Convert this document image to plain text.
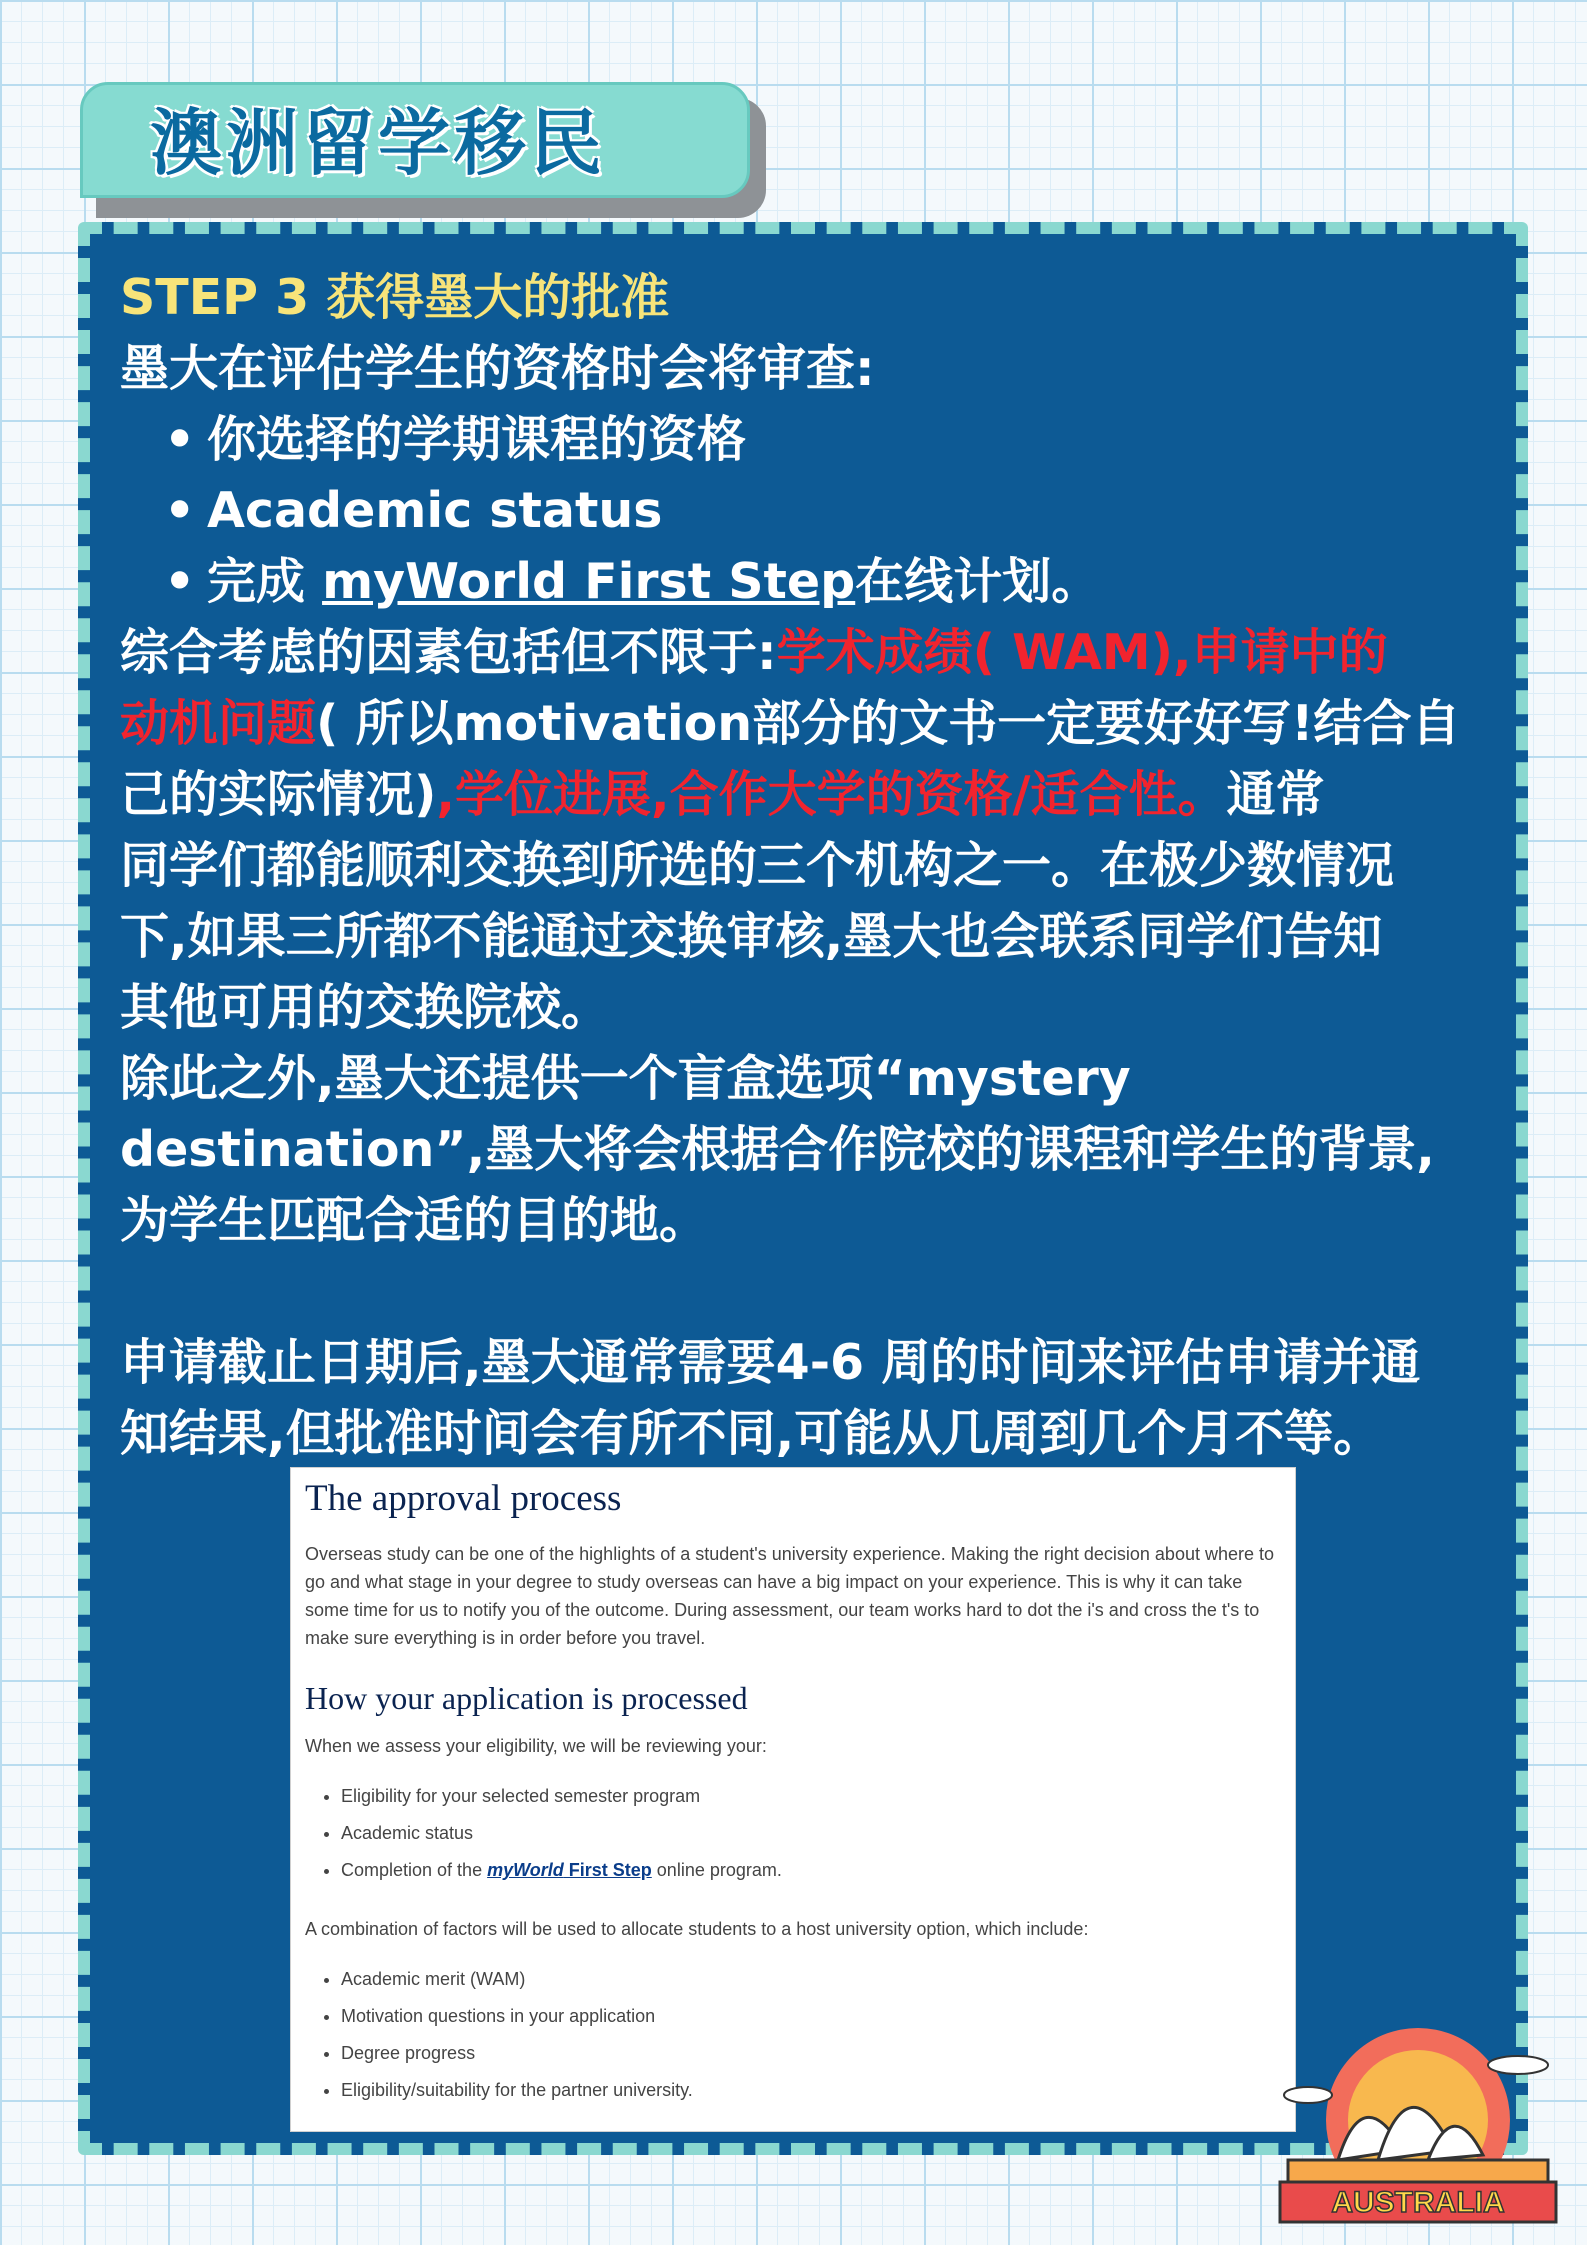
澳洲留学移民
STEP 3 获得墨大的批准
墨大在评估学生的资格时会将审查:
• 你选择的学期课程的资格
• Academic status
• 完成 myWorld First Step在线计划。
综合考虑的因素包括但不限于:学术成绩( WAM),申请中的
动机问题( 所以motivation部分的文书一定要好好写!结合自
己的实际情况),学位进展,合作大学的资格/适合性。通常
同学们都能顺利交换到所选的三个机构之一。在极少数情况
下,如果三所都不能通过交换审核,墨大也会联系同学们告知
其他可用的交换院校。
除此之外,墨大还提供一个盲盒选项“mystery
destination”,墨大将会根据合作院校的课程和学生的背景,
为学生匹配合适的目的地。
申请截止日期后,墨大通常需要4-6 周的时间来评估申请并通
知结果,但批准时间会有所不同,可能从几周到几个月不等。
The approval process

Overseas study can be one of the highlights of a student's university experience. Making the right decision about where to go and what stage in your degree to study overseas can have a big impact on your experience. This is why it can take some time for us to notify you of the outcome. During assessment, our team works hard to dot the i's and cross the t's to make sure everything is in order before you travel.

How your application is processed

When we assess your eligibility, we will be reviewing your:

• Eligibility for your selected semester program
• Academic status
• Completion of the myWorld First Step online program.

A combination of factors will be used to allocate students to a host university option, which include:

• Academic merit (WAM)
• Motivation questions in your application
• Degree progress
• Eligibility/suitability for the partner university.
AUSTRALIA
